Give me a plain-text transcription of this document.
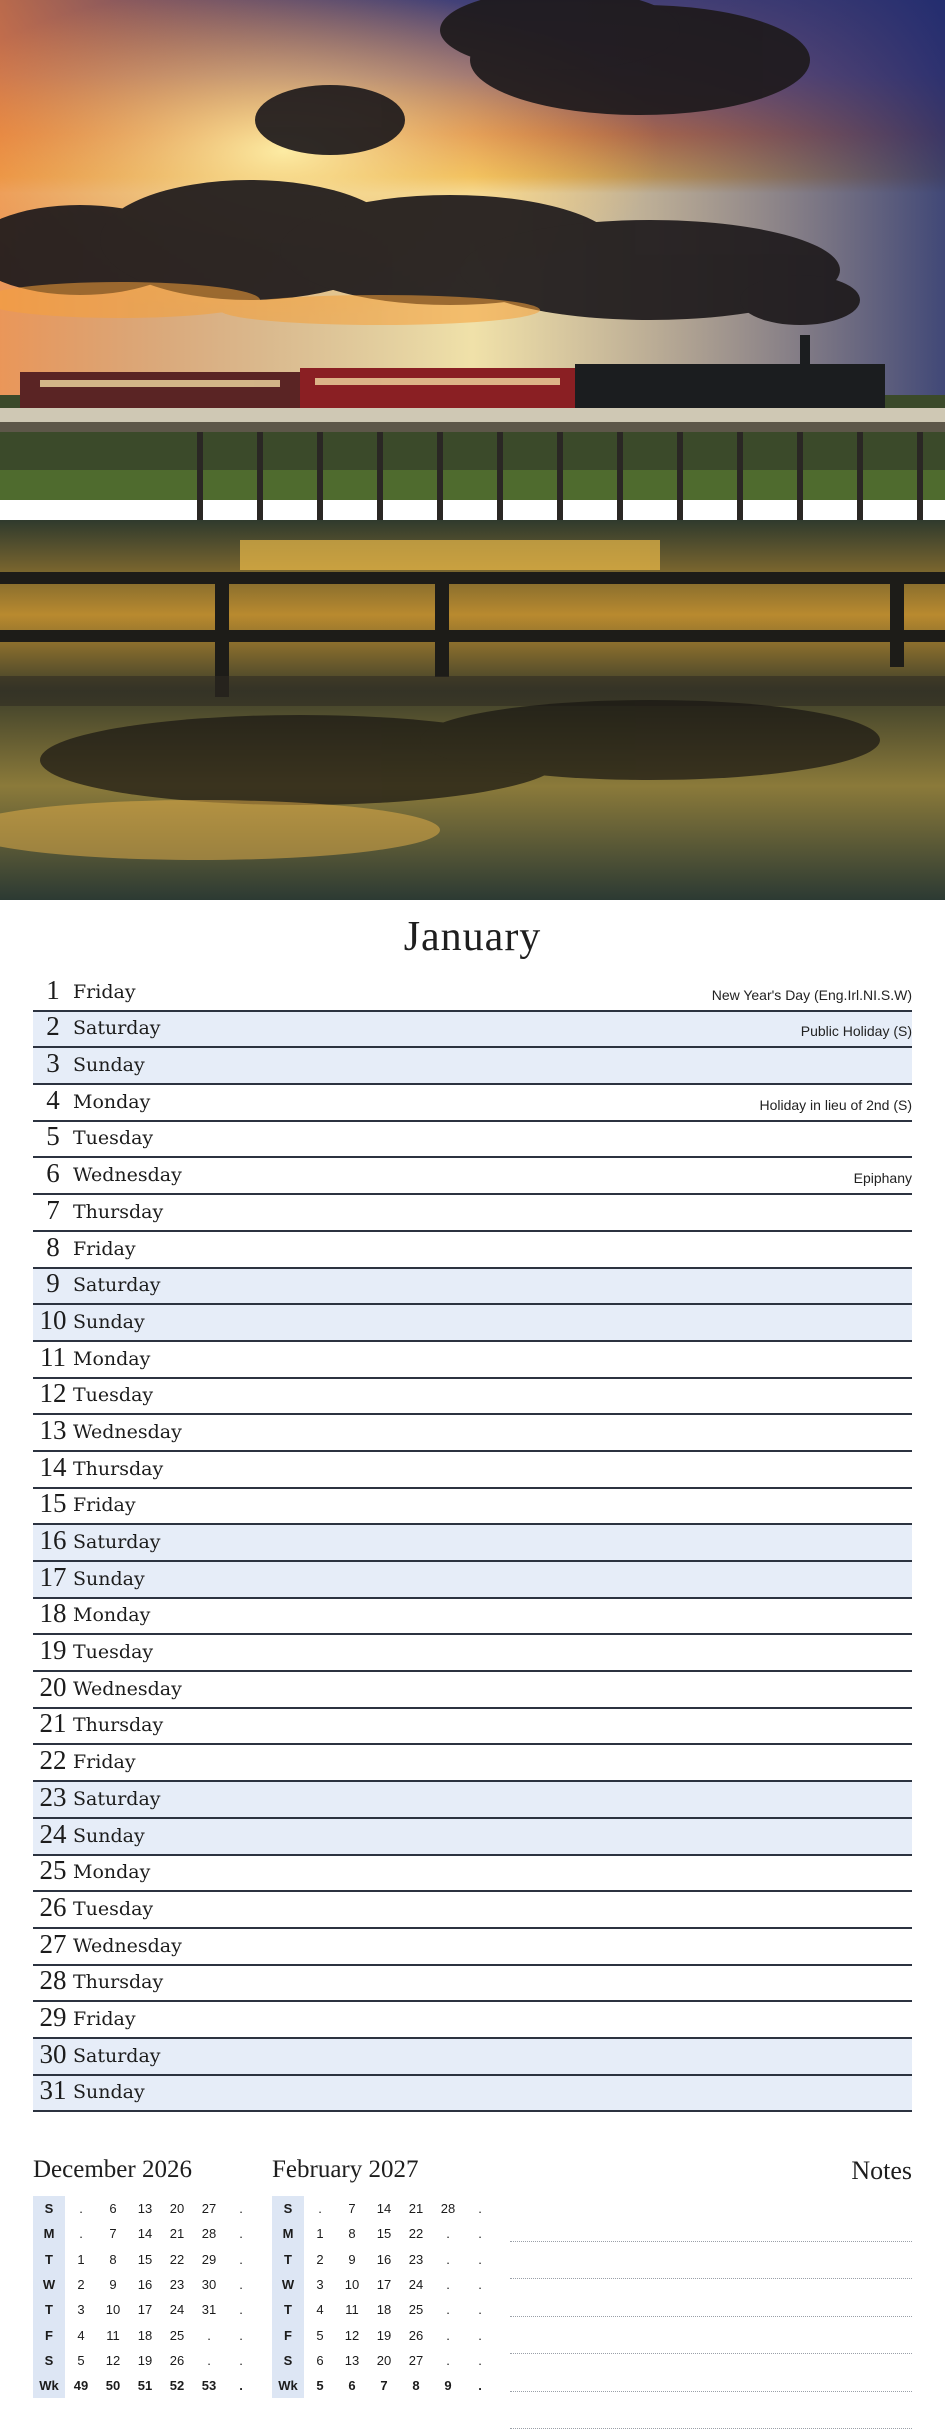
January
1 Friday	New Year's Day (Eng.Irl.NI.S.W)
2 Saturday	Public Holiday (S)
3 Sunday
4 Monday	Holiday in lieu of 2nd (S)
5 Tuesday
6 Wednesday	Epiphany
7 Thursday
8 Friday
9 Saturday
10 Sunday
11 Monday
12 Tuesday
13 Wednesday
14 Thursday
15 Friday
16 Saturday
17 Sunday
18 Monday
19 Tuesday
20 Wednesday
21 Thursday
22 Friday
23 Saturday
24 Sunday
25 Monday
26 Tuesday
27 Wednesday
28 Thursday
29 Friday
30 Saturday
31 Sunday
December 2026
S	.	6	13	20	27	.
M	.	7	14	21	28	.
T	1	8	15	22	29	.
W	2	9	16	23	30	.
T	3	10	17	24	31	.
F	4	11	18	25	.	.
S	5	12	19	26	.	.
Wk	49	50	51	52	53	.
February 2027
S	.	7	14	21	28	.
M	1	8	15	22	.	.
T	2	9	16	23	.	.
W	3	10	17	24	.	.
T	4	11	18	25	.	.
F	5	12	19	26	.	.
S	6	13	20	27	.	.
Wk	5	6	7	8	9	.
Notes
